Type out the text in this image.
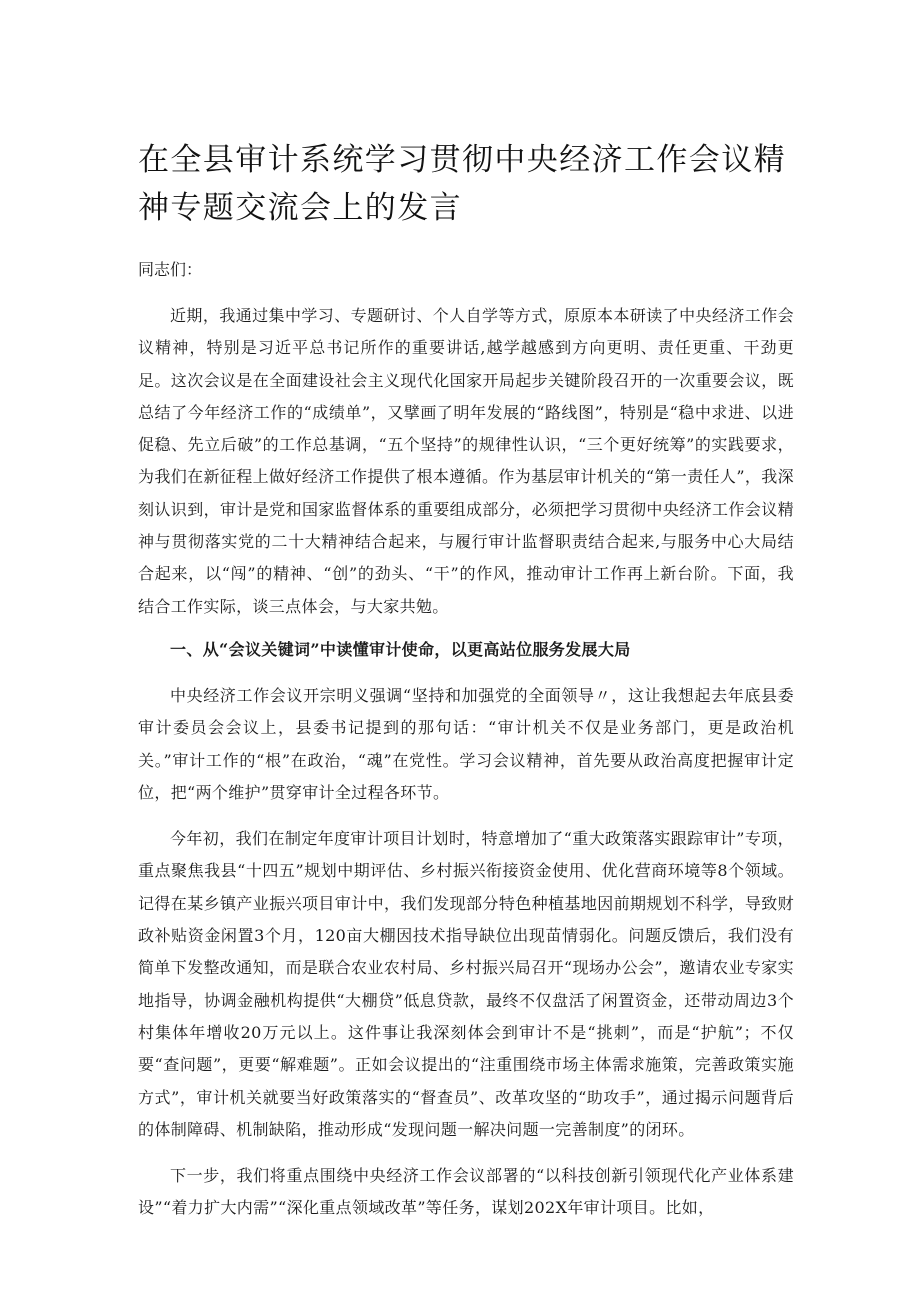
在全县审计系统学习贯彻中央经济工作会议精神专题交流会上的发言

同志们：

近期，我通过集中学习、专题研讨、个人自学等方式，原原本本研读了中央经济工作会议精神，特别是习近平总书记所作的重要讲话,越学越感到方向更明、责任更重、干劲更足。这次会议是在全面建设社会主义现代化国家开局起步关键阶段召开的一次重要会议，既总结了今年经济工作的“成绩单”，又擘画了明年发展的“路线图”，特别是“稳中求进、以进促稳、先立后破”的工作总基调，“五个坚持”的规律性认识，“三个更好统筹”的实践要求，为我们在新征程上做好经济工作提供了根本遵循。作为基层审计机关的“第一责任人”，我深刻认识到，审计是党和国家监督体系的重要组成部分，必须把学习贯彻中央经济工作会议精神与贯彻落实党的二十大精神结合起来，与履行审计监督职责结合起来,与服务中心大局结合起来，以“闯”的精神、“创”的劲头、“干”的作风，推动审计工作再上新台阶。下面，我结合工作实际，谈三点体会，与大家共勉。

一、从“会议关键词”中读懂审计使命，以更高站位服务发展大局

中央经济工作会议开宗明义强调“坚持和加强党的全面领导〃，这让我想起去年底县委审计委员会会议上，县委书记提到的那句话：“审计机关不仅是业务部门，更是政治机关。”审计工作的“根”在政治，“魂”在党性。学习会议精神，首先要从政治高度把握审计定位，把“两个维护”贯穿审计全过程各环节。

今年初，我们在制定年度审计项目计划时，特意增加了“重大政策落实跟踪审计”专项，重点聚焦我县“十四五”规划中期评估、乡村振兴衔接资金使用、优化营商环境等8个领域。记得在某乡镇产业振兴项目审计中，我们发现部分特色种植基地因前期规划不科学，导致财政补贴资金闲置3个月，120亩大棚因技术指导缺位出现苗情弱化。问题反馈后，我们没有简单下发整改通知，而是联合农业农村局、乡村振兴局召开“现场办公会”，邀请农业专家实地指导，协调金融机构提供“大棚贷”低息贷款，最终不仅盘活了闲置资金，还带动周边3个村集体年增收20万元以上。这件事让我深刻体会到审计不是“挑刺”，而是“护航”；不仅要“查问题”，更要“解难题”。正如会议提出的“注重围绕市场主体需求施策，完善政策实施方式”，审计机关就要当好政策落实的“督查员”、改革攻坚的“助攻手”，通过揭示问题背后的体制障碍、机制缺陷，推动形成“发现问题一解决问题一完善制度”的闭环。

下一步，我们将重点围绕中央经济工作会议部署的“以科技创新引领现代化产业体系建设”“着力扩大内需”“深化重点领域改革”等任务，谋划202X年审计项目。比如，
